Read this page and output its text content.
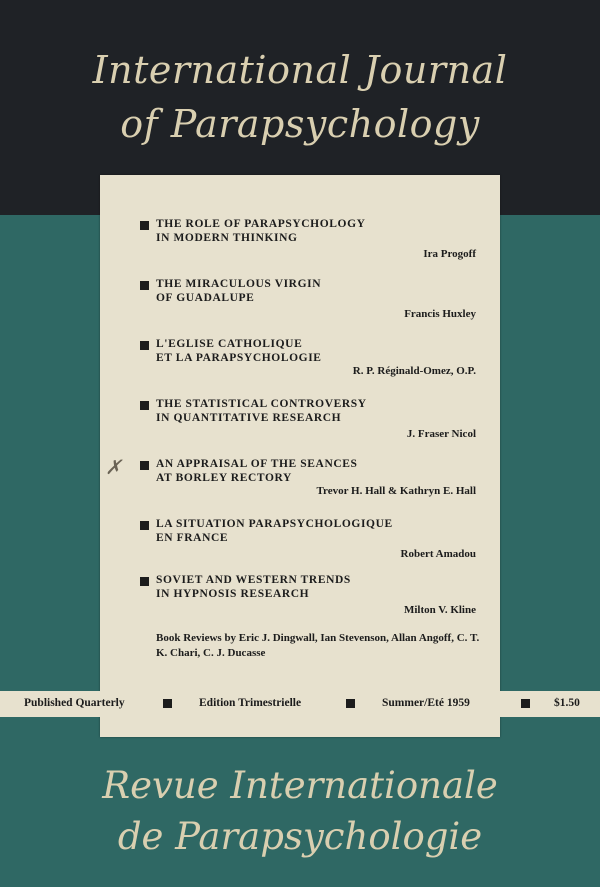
International Journal
of Parapsychology
THE ROLE OF PARAPSYCHOLOGY
IN MODERN THINKING
Ira Progoff
THE MIRACULOUS VIRGIN
OF GUADALUPE
Francis Huxley
L'EGLISE CATHOLIQUE
ET LA PARAPSYCHOLOGIE
R. P. Réginald-Omez, O.P.
THE STATISTICAL CONTROVERSY
IN QUANTITATIVE RESEARCH
J. Fraser Nicol
AN APPRAISAL OF THE SEANCES
AT BORLEY RECTORY
Trevor H. Hall & Kathryn E. Hall
LA SITUATION PARAPSYCHOLOGIQUE
EN FRANCE
Robert Amadou
SOVIET AND WESTERN TRENDS
IN HYPNOSIS RESEARCH
Milton V. Kline
Book Reviews by Eric J. Dingwall, Ian Stevenson, Allan Angoff, C. T. K. Chari, C. J. Ducasse
✗
Published Quarterly	Edition Trimestrielle	Summer/Eté 1959	$1.50
Revue Internationale
de Parapsychologie
